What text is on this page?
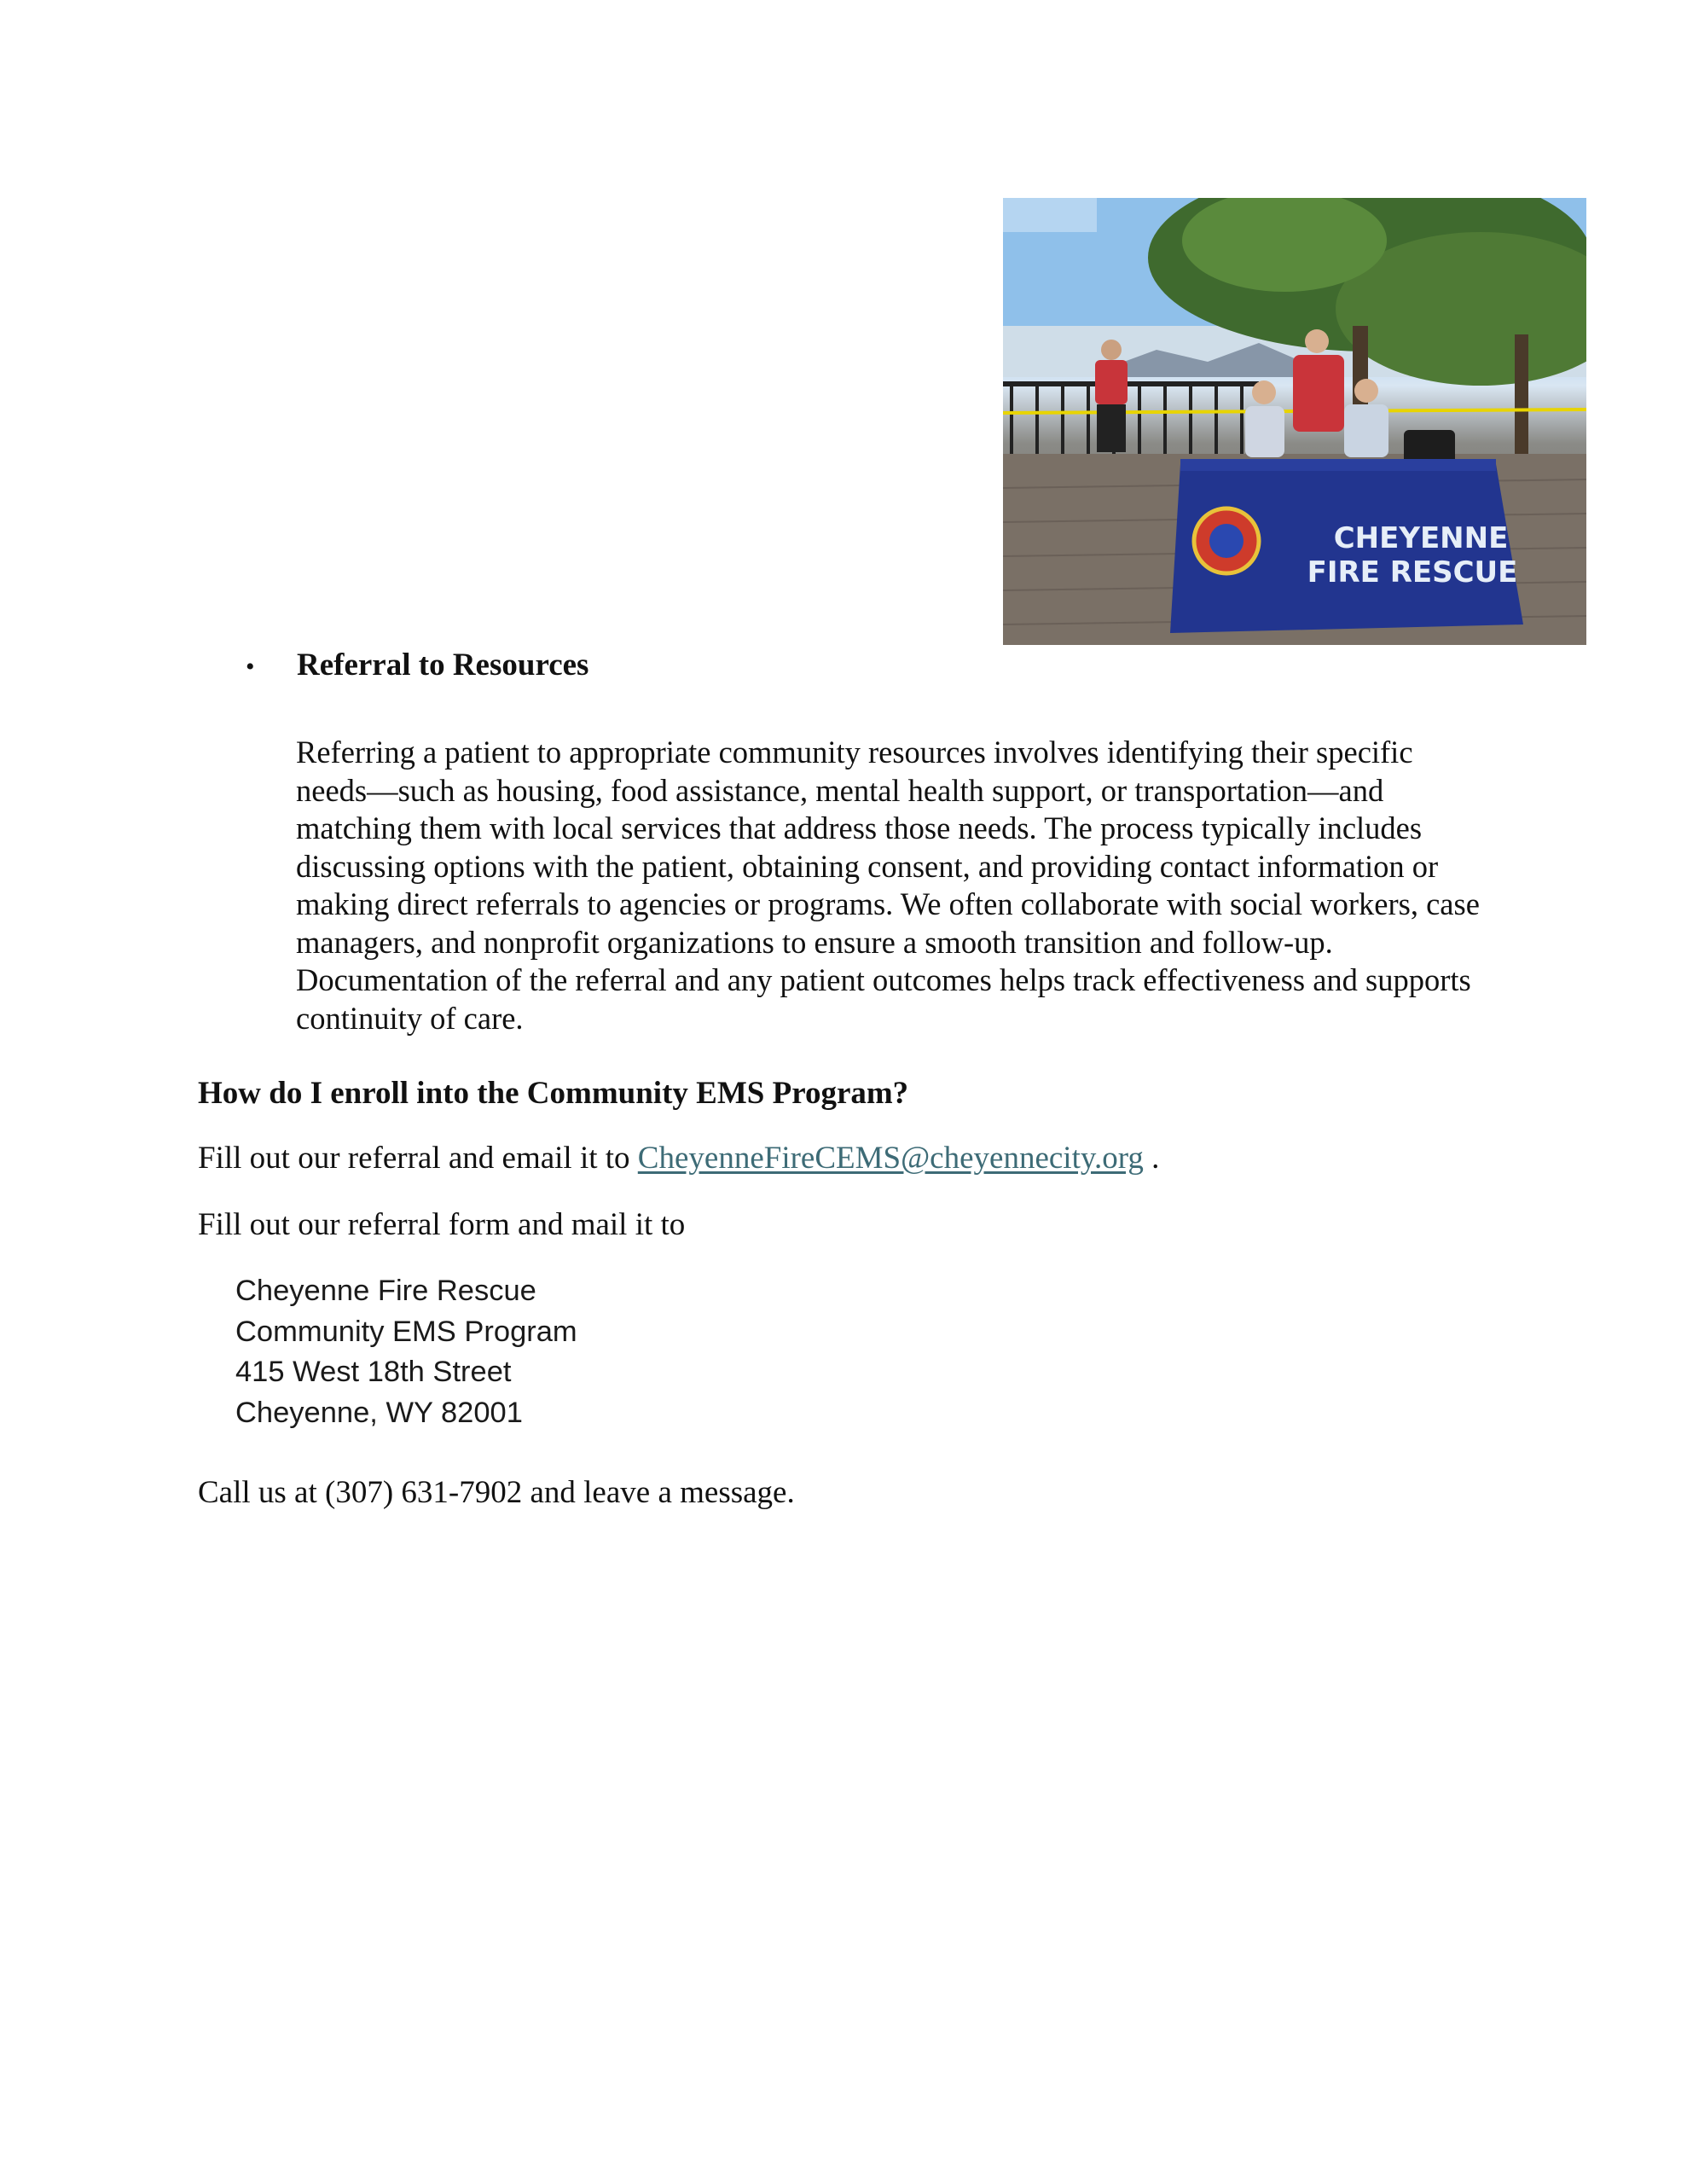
CHEYENNE
FIRE RESCUE
•	Referral to Resources

Referring a patient to appropriate community resources involves identifying their specific needs—such as housing, food assistance, mental health support, or transportation—and matching them with local services that address those needs. The process typically includes discussing options with the patient, obtaining consent, and providing contact information or making direct referrals to agencies or programs. We often collaborate with social workers, case managers, and nonprofit organizations to ensure a smooth transition and follow-up. Documentation of the referral and any patient outcomes helps track effectiveness and supports continuity of care.

How do I enroll into the Community EMS Program?
Fill out our referral and email it to CheyenneFireCEMS@cheyennecity.org .
Fill out our referral form and mail it to
Cheyenne Fire Rescue
Community EMS Program
415 West 18th Street
Cheyenne, WY 82001
Call us at (307) 631-7902 and leave a message.
